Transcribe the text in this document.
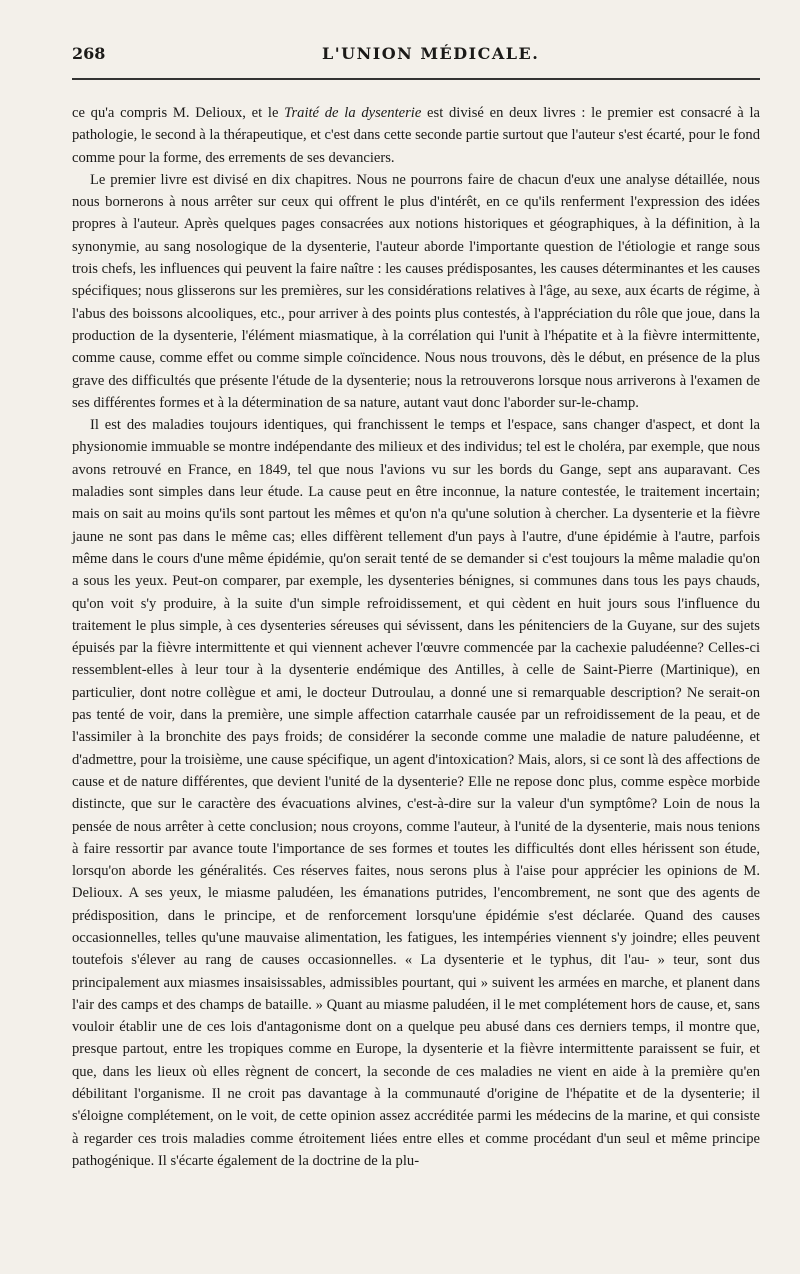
268	L'UNION MÉDICALE.

ce qu'a compris M. Delioux, et le Traité de la dysenterie est divisé en deux livres : le premier est consacré à la pathologie, le second à la thérapeutique, et c'est dans cette seconde partie surtout que l'auteur s'est écarté, pour le fond comme pour la forme, des errements de ses devanciers.

Le premier livre est divisé en dix chapitres. Nous ne pourrons faire de chacun d'eux une analyse détaillée, nous nous bornerons à nous arrêter sur ceux qui offrent le plus d'intérêt, en ce qu'ils renferment l'expression des idées propres à l'auteur. Après quelques pages consacrées aux notions historiques et géographiques, à la définition, à la synonymie, au sang nosologique de la dysenterie, l'auteur aborde l'importante question de l'étiologie et range sous trois chefs, les influences qui peuvent la faire naître : les causes prédisposantes, les causes déterminantes et les causes spécifiques; nous glisserons sur les premières, sur les considérations relatives à l'âge, au sexe, aux écarts de régime, à l'abus des boissons alcooliques, etc., pour arriver à des points plus contestés, à l'appréciation du rôle que joue, dans la production de la dysenterie, l'élément miasmatique, à la corrélation qui l'unit à l'hépatite et à la fièvre intermittente, comme cause, comme effet ou comme simple coïncidence. Nous nous trouvons, dès le début, en présence de la plus grave des difficultés que présente l'étude de la dysenterie; nous la retrouverons lorsque nous arriverons à l'examen de ses différentes formes et à la détermination de sa nature, autant vaut donc l'aborder sur-le-champ.

Il est des maladies toujours identiques, qui franchissent le temps et l'espace, sans changer d'aspect, et dont la physionomie immuable se montre indépendante des milieux et des individus; tel est le choléra, par exemple, que nous avons retrouvé en France, en 1849, tel que nous l'avions vu sur les bords du Gange, sept ans auparavant. Ces maladies sont simples dans leur étude. La cause peut en être inconnue, la nature contestée, le traitement incertain; mais on sait au moins qu'ils sont partout les mêmes et qu'on n'a qu'une solution à chercher. La dysenterie et la fièvre jaune ne sont pas dans le même cas; elles diffèrent tellement d'un pays à l'autre, d'une épidémie à l'autre, parfois même dans le cours d'une même épidémie, qu'on serait tenté de se demander si c'est toujours la même maladie qu'on a sous les yeux. Peut-on comparer, par exemple, les dysenteries bénignes, si communes dans tous les pays chauds, qu'on voit s'y produire, à la suite d'un simple refroidissement, et qui cèdent en huit jours sous l'influence du traitement le plus simple, à ces dysenteries séreuses qui sévissent, dans les pénitenciers de la Guyane, sur des sujets épuisés par la fièvre intermittente et qui viennent achever l'œuvre commencée par la cachexie paludéenne? Celles-ci ressemblent-elles à leur tour à la dysenterie endémique des Antilles, à celle de Saint-Pierre (Martinique), en particulier, dont notre collègue et ami, le docteur Dutroulau, a donné une si remarquable description? Ne serait-on pas tenté de voir, dans la première, une simple affection catarrhale causée par un refroidissement de la peau, et de l'assimiler à la bronchite des pays froids; de considérer la seconde comme une maladie de nature paludéenne, et d'admettre, pour la troisième, une cause spécifique, un agent d'intoxication? Mais, alors, si ce sont là des affections de cause et de nature différentes, que devient l'unité de la dysenterie? Elle ne repose donc plus, comme espèce morbide distincte, que sur le caractère des évacuations alvines, c'est-à-dire sur la valeur d'un symptôme? Loin de nous la pensée de nous arrêter à cette conclusion; nous croyons, comme l'auteur, à l'unité de la dysenterie, mais nous tenions à faire ressortir par avance toute l'importance de ses formes et toutes les difficultés dont elles hérissent son étude, lorsqu'on aborde les généralités. Ces réserves faites, nous serons plus à l'aise pour apprécier les opinions de M. Delioux. A ses yeux, le miasme paludéen, les émanations putrides, l'encombrement, ne sont que des agents de prédisposition, dans le principe, et de renforcement lorsqu'une épidémie s'est déclarée. Quand des causes occasionnelles, telles qu'une mauvaise alimentation, les fatigues, les intempéries viennent s'y joindre; elles peuvent toutefois s'élever au rang de causes occasionnelles. « La dysenterie et le typhus, dit l'au- » teur, sont dus principalement aux miasmes insaisissables, admissibles pourtant, qui » suivent les armées en marche, et planent dans l'air des camps et des champs de bataille. » Quant au miasme paludéen, il le met complétement hors de cause, et, sans vouloir établir une de ces lois d'antagonisme dont on a quelque peu abusé dans ces derniers temps, il montre que, presque partout, entre les tropiques comme en Europe, la dysenterie et la fièvre intermittente paraissent se fuir, et que, dans les lieux où elles règnent de concert, la seconde de ces maladies ne vient en aide à la première qu'en débilitant l'organisme. Il ne croit pas davantage à la communauté d'origine de l'hépatite et de la dysenterie; il s'éloigne complétement, on le voit, de cette opinion assez accréditée parmi les médecins de la marine, et qui consiste à regarder ces trois maladies comme étroitement liées entre elles et comme procédant d'un seul et même principe pathogénique. Il s'écarte également de la doctrine de la plu-
